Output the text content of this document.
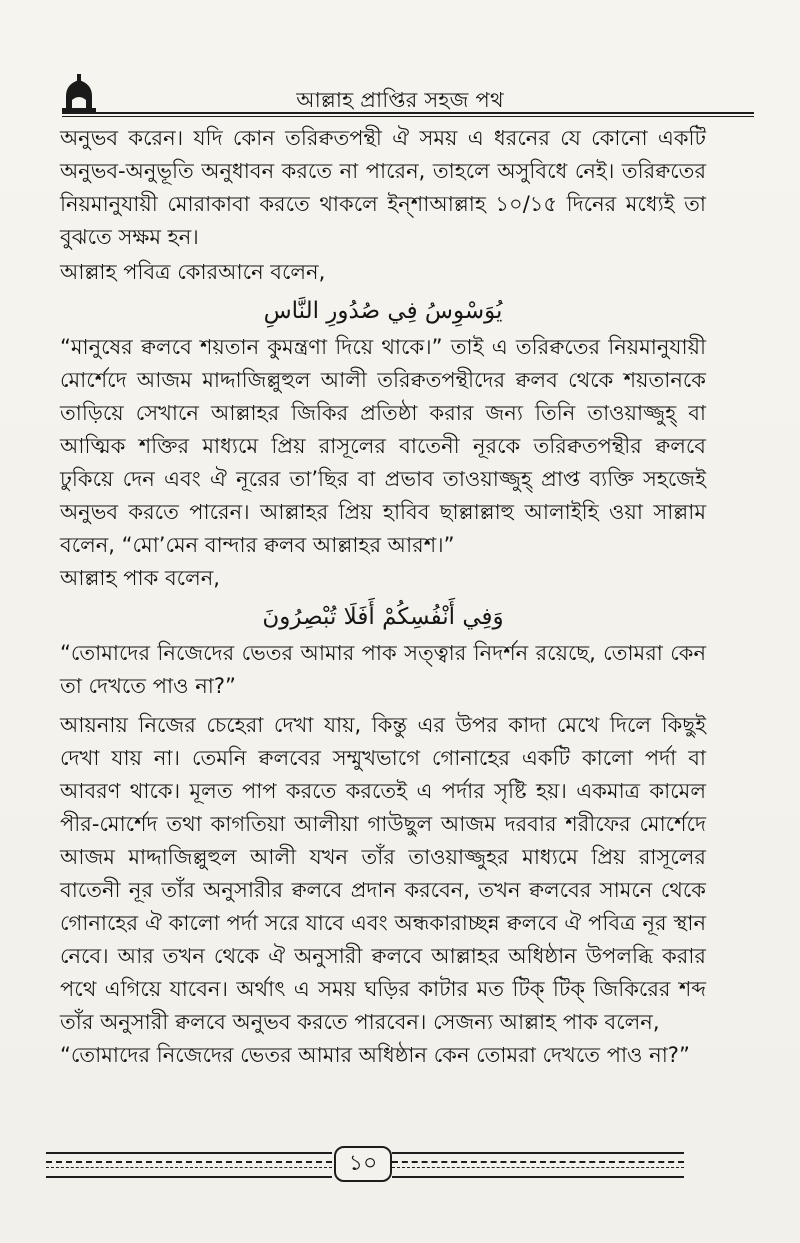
আল্লাহ প্রাপ্তির সহজ পথ

অনুভব করেন। যদি কোন তরিক্বতপন্থী ঐ সময় এ ধরনের যে কোনো একটি অনুভব-অনুভূতি অনুধাবন করতে না পারেন, তাহলে অসুবিধে নেই। তরিক্বতের নিয়মানুযায়ী মোরাকাবা করতে থাকলে ইন্‌শাআল্লাহ ১০/১৫ দিনের মধ্যেই তা বুঝতে সক্ষম হন।

আল্লাহ পবিত্র কোরআনে বলেন,

يُوَسْوِسُ فِي صُدُورِ النَّاسِ

“মানুষের ক্বলবে শয়তান কুমন্ত্রণা দিয়ে থাকে।” তাই এ তরিক্বতের নিয়মানুযায়ী মোর্শেদে আজম মাদ্দাজিল্লুহুল আলী তরিক্বতপন্থীদের ক্বলব থেকে শয়তানকে তাড়িয়ে সেখানে আল্লাহর জিকির প্রতিষ্ঠা করার জন্য তিনি তাওয়াজ্জুহ্ বা আত্মিক শক্তির মাধ্যমে প্রিয় রাসূলের বাতেনী নূরকে তরিক্বতপন্থীর ক্বলবে ঢুকিয়ে দেন এবং ঐ নূরের তা’ছির বা প্রভাব তাওয়াজ্জুহ্ প্রাপ্ত ব্যক্তি সহজেই অনুভব করতে পারেন। আল্লাহর প্রিয় হাবিব ছাল্লাল্লাহু আলাইহি ওয়া সাল্লাম বলেন, “মো’মেন বান্দার ক্বলব আল্লাহর আরশ।”

আল্লাহ পাক বলেন,

وَفِي أَنْفُسِكُمْ أَفَلَا تُبْصِرُونَ

“তোমাদের নিজেদের ভেতর আমার পাক সত্ত্বার নিদর্শন রয়েছে, তোমরা কেন তা দেখতে পাও না?”

আয়নায় নিজের চেহেরা দেখা যায়, কিন্তু এর উপর কাদা মেখে দিলে কিছুই দেখা যায় না। তেমনি ক্বলবের সম্মুখভাগে গোনাহের একটি কালো পর্দা বা আবরণ থাকে। মূলত পাপ করতে করতেই এ পর্দার সৃষ্টি হয়। একমাত্র কামেল পীর-মোর্শেদ তথা কাগতিয়া আলীয়া গাউছুল আজম দরবার শরীফের মোর্শেদে আজম মাদ্দাজিল্লুহুল আলী যখন তাঁর তাওয়াজ্জুহর মাধ্যমে প্রিয় রাসূলের বাতেনী নূর তাঁর অনুসারীর ক্বলবে প্রদান করবেন, তখন ক্বলবের সামনে থেকে গোনাহের ঐ কালো পর্দা সরে যাবে এবং অন্ধকারাচ্ছন্ন ক্বলবে ঐ পবিত্র নূর স্থান নেবে। আর তখন থেকে ঐ অনুসারী ক্বলবে আল্লাহর অধিষ্ঠান উপলব্ধি করার পথে এগিয়ে যাবেন। অর্থাৎ এ সময় ঘড়ির কাটার মত টিক্ টিক্ জিকিরের শব্দ তাঁর অনুসারী ক্বলবে অনুভব করতে পারবেন। সেজন্য আল্লাহ পাক বলেন,

“তোমাদের নিজেদের ভেতর আমার অধিষ্ঠান কেন তোমরা দেখতে পাও না?”

১০
